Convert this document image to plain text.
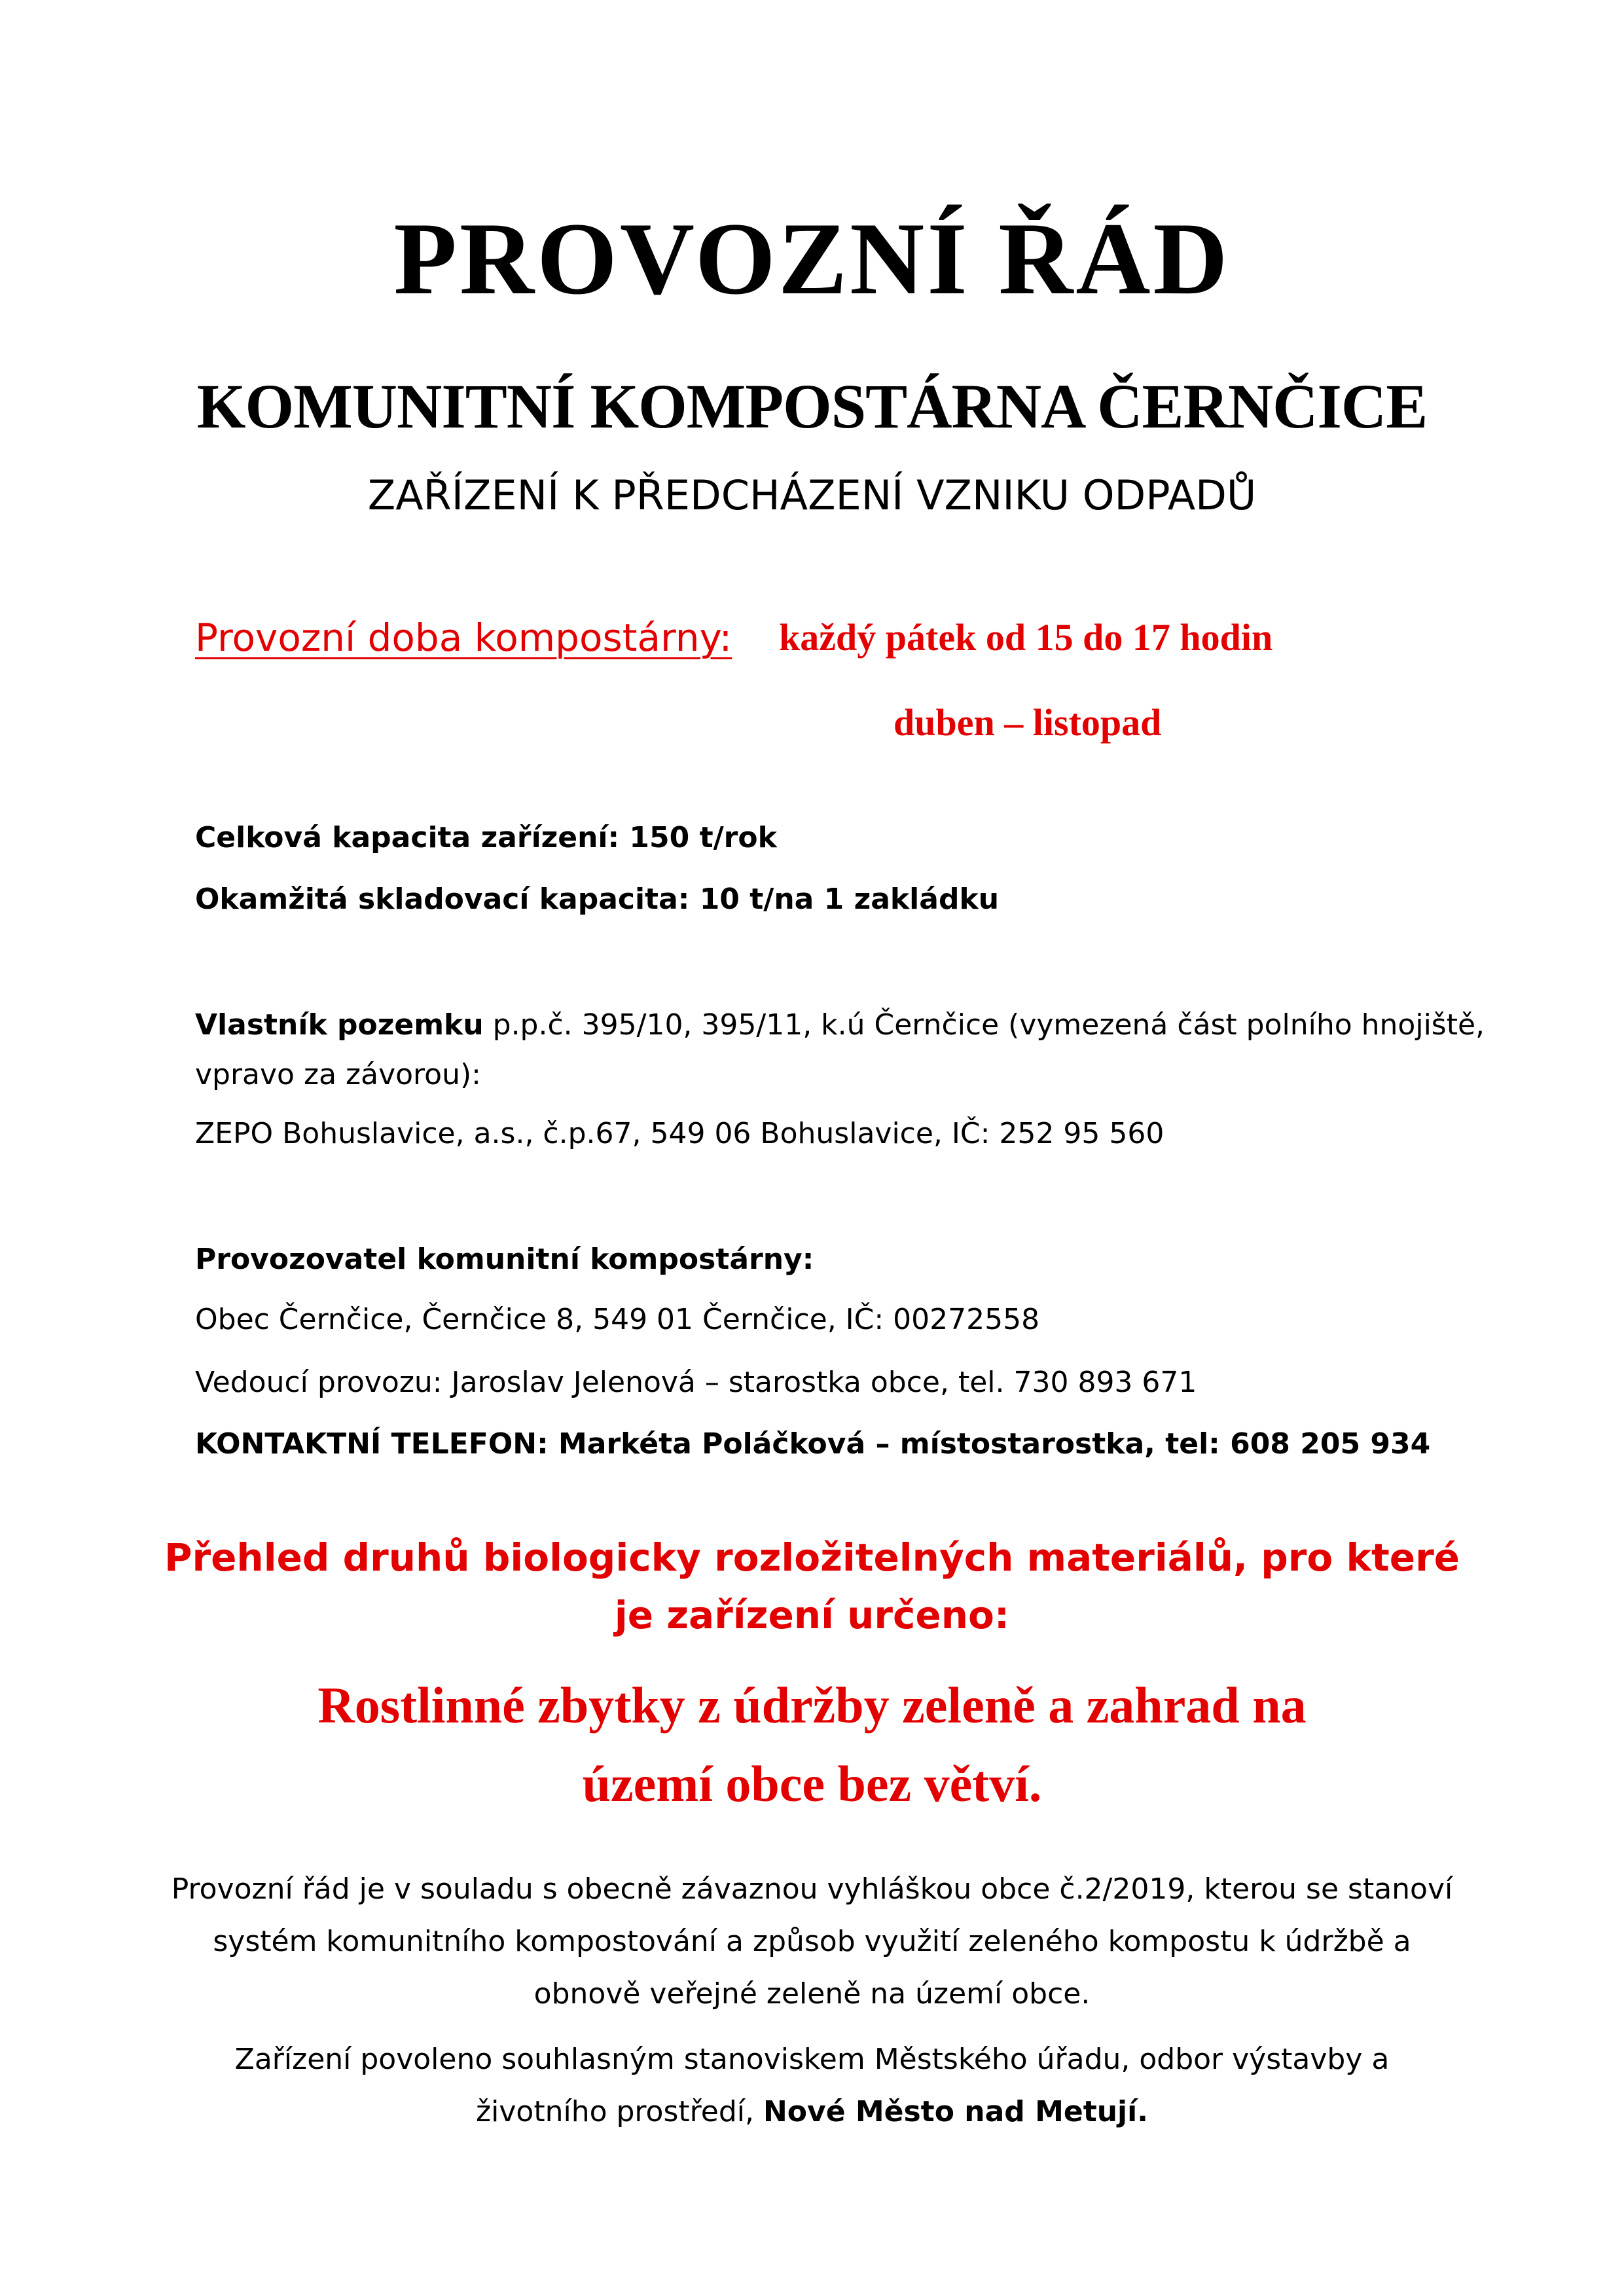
PROVOZNÍ ŘÁD
KOMUNITNÍ KOMPOSTÁRNA ČERNČICE
ZAŘÍZENÍ K PŘEDCHÁZENÍ VZNIKU ODPADŮ
Provozní doba kompostárny: každý pátek od 15 do 17 hodin
duben – listopad
Celková kapacita zařízení: 150 t/rok
Okamžitá skladovací kapacita: 10 t/na 1 zakládku
Vlastník pozemku p.p.č. 395/10, 395/11, k.ú Černčice (vymezená část polního hnojiště,
vpravo za závorou):
ZEPO Bohuslavice, a.s., č.p.67, 549 06 Bohuslavice, IČ: 252 95 560
Provozovatel komunitní kompostárny:
Obec Černčice, Černčice 8, 549 01 Černčice, IČ: 00272558
Vedoucí provozu: Jaroslav Jelenová – starostka obce, tel. 730 893 671
KONTAKTNÍ TELEFON: Markéta Poláčková – místostarostka, tel: 608 205 934
Přehled druhů biologicky rozložitelných materiálů, pro které
je zařízení určeno:
Rostlinné zbytky z údržby zeleně a zahrad na
území obce bez větví.
Provozní řád je v souladu s obecně závaznou vyhláškou obce č.2/2019, kterou se stanoví
systém komunitního kompostování a způsob využití zeleného kompostu k údržbě a
obnově veřejné zeleně na území obce.
Zařízení povoleno souhlasným stanoviskem Městského úřadu, odbor výstavby a
životního prostředí, Nové Město nad Metují.
